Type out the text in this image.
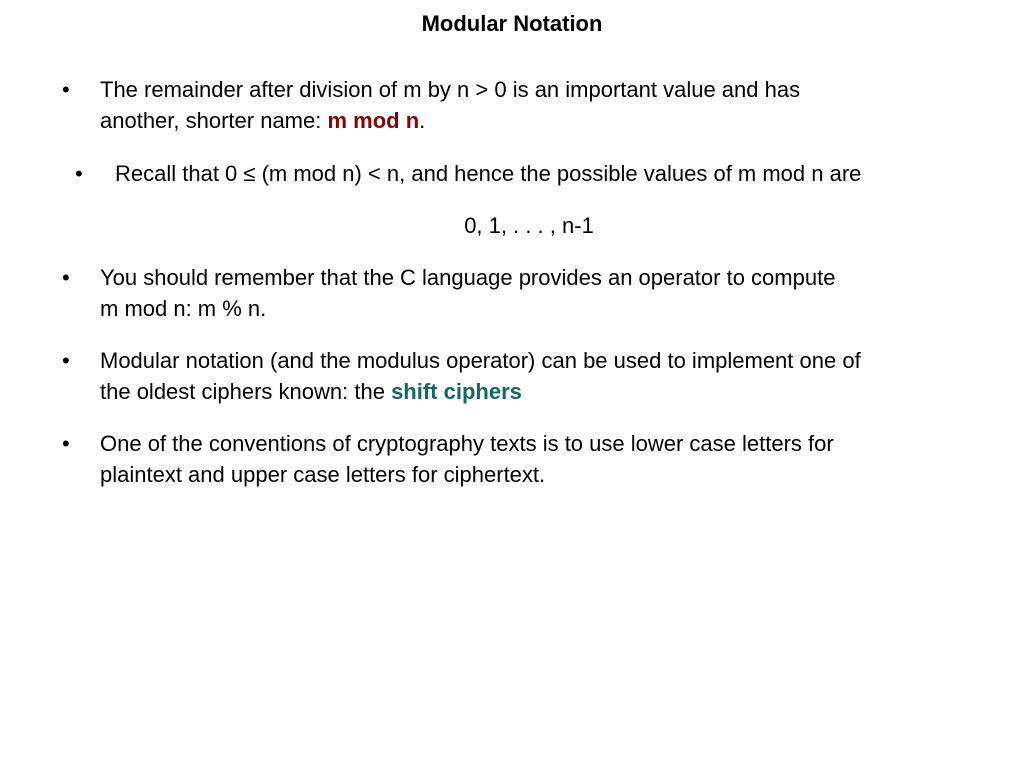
Modular Notation
•	The remainder after division of m by n > 0 is an important value and has
another, shorter name: m mod n.
•	Recall that 0 ≤ (m mod n) < n, and hence the possible values of m mod n are
0, 1, . . . , n-1
•	You should remember that the C language provides an operator to compute
m mod n: m % n.
•	Modular notation (and the modulus operator) can be used to implement one of
the oldest ciphers known: the shift ciphers
•	One of the conventions of cryptography texts is to use lower case letters for
plaintext and upper case letters for ciphertext.
